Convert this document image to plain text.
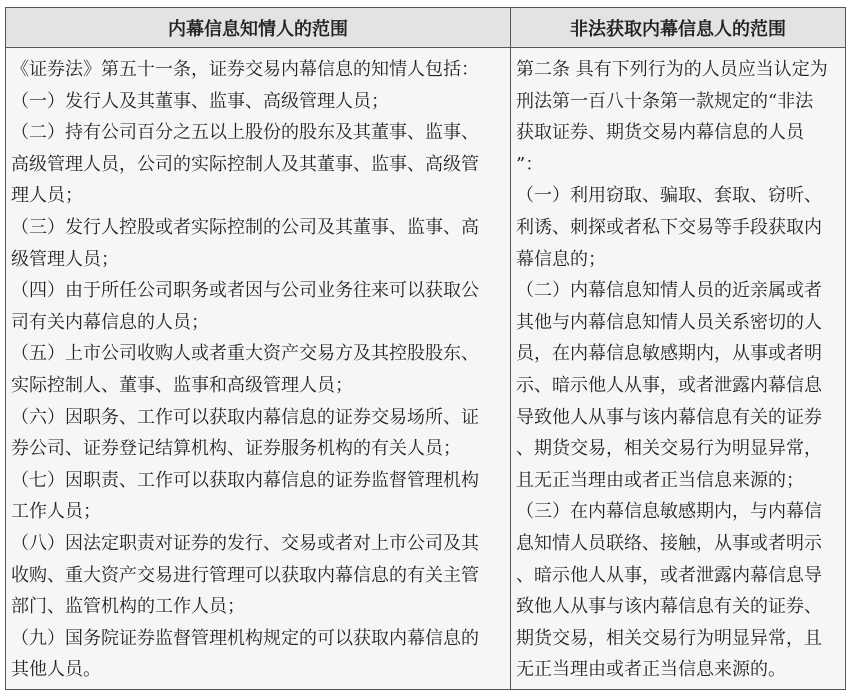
内幕信息知情人的范围	非法获取内幕信息人的范围
《证券法》第五十一条，证券交易内幕信息的知情人包括：
（一）发行人及其董事、监事、高级管理人员；
（二）持有公司百分之五以上股份的股东及其董事、监事、
高级管理人员，公司的实际控制人及其董事、监事、高级管
理人员；
（三）发行人控股或者实际控制的公司及其董事、监事、高
级管理人员；
（四）由于所任公司职务或者因与公司业务往来可以获取公
司有关内幕信息的人员；
（五）上市公司收购人或者重大资产交易方及其控股股东、
实际控制人、董事、监事和高级管理人员；
（六）因职务、工作可以获取内幕信息的证券交易场所、证
券公司、证券登记结算机构、证券服务机构的有关人员；
（七）因职责、工作可以获取内幕信息的证券监督管理机构
工作人员；
（八）因法定职责对证券的发行、交易或者对上市公司及其
收购、重大资产交易进行管理可以获取内幕信息的有关主管
部门、监管机构的工作人员；
（九）国务院证券监督管理机构规定的可以获取内幕信息的
其他人员。
第二条 具有下列行为的人员应当认定为
刑法第一百八十条第一款规定的“非法
获取证券、期货交易内幕信息的人员
”：
（一）利用窃取、骗取、套取、窃听、
利诱、刺探或者私下交易等手段获取内
幕信息的；
（二）内幕信息知情人员的近亲属或者
其他与内幕信息知情人员关系密切的人
员，在内幕信息敏感期内，从事或者明
示、暗示他人从事，或者泄露内幕信息
导致他人从事与该内幕信息有关的证券
、期货交易，相关交易行为明显异常，
且无正当理由或者正当信息来源的；
（三）在内幕信息敏感期内，与内幕信
息知情人员联络、接触，从事或者明示
、暗示他人从事，或者泄露内幕信息导
致他人从事与该内幕信息有关的证券、
期货交易，相关交易行为明显异常，且
无正当理由或者正当信息来源的。
